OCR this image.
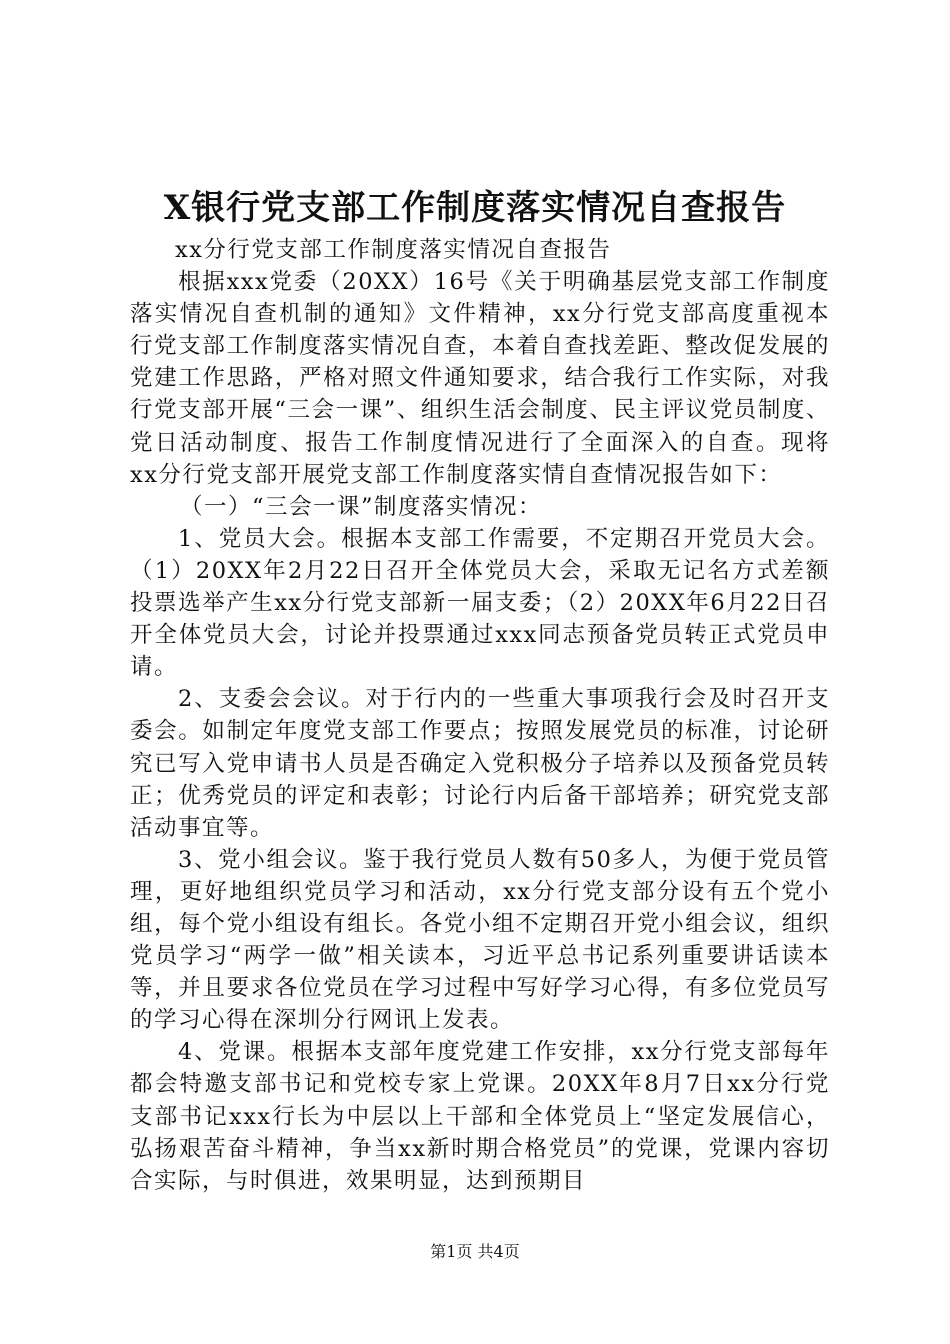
X银行党支部工作制度落实情况自查报告

xx分行党支部工作制度落实情况自查报告

根据xxx党委（20XX）16号《关于明确基层党支部工作制度落实情况自查机制的通知》文件精神，xx分行党支部高度重视本行党支部工作制度落实情况自查，本着自查找差距、整改促发展的党建工作思路，严格对照文件通知要求，结合我行工作实际，对我行党支部开展“三会一课”、组织生活会制度、民主评议党员制度、党日活动制度、报告工作制度情况进行了全面深入的自查。现将xx分行党支部开展党支部工作制度落实情自查情况报告如下：

（一）“三会一课”制度落实情况：

1、党员大会。根据本支部工作需要，不定期召开党员大会。（1）20XX年2月22日召开全体党员大会，采取无记名方式差额投票选举产生xx分行党支部新一届支委；（2）20XX年6月22日召开全体党员大会，讨论并投票通过xxx同志预备党员转正式党员申请。

2、支委会会议。对于行内的一些重大事项我行会及时召开支委会。如制定年度党支部工作要点；按照发展党员的标准，讨论研究已写入党申请书人员是否确定入党积极分子培养以及预备党员转正；优秀党员的评定和表彰；讨论行内后备干部培养；研究党支部活动事宜等。

3、党小组会议。鉴于我行党员人数有50多人，为便于党员管理，更好地组织党员学习和活动，xx分行党支部分设有五个党小组，每个党小组设有组长。各党小组不定期召开党小组会议，组织党员学习“两学一做”相关读本，习近平总书记系列重要讲话读本等，并且要求各位党员在学习过程中写好学习心得，有多位党员写的学习心得在深圳分行网讯上发表。

4、党课。根据本支部年度党建工作安排，xx分行党支部每年都会特邀支部书记和党校专家上党课。20XX年8月7日xx分行党支部书记xxx行长为中层以上干部和全体党员上“坚定发展信心，弘扬艰苦奋斗精神，争当xx新时期合格党员”的党课，党课内容切合实际，与时俱进，效果明显，达到预期目

第1页 共4页
